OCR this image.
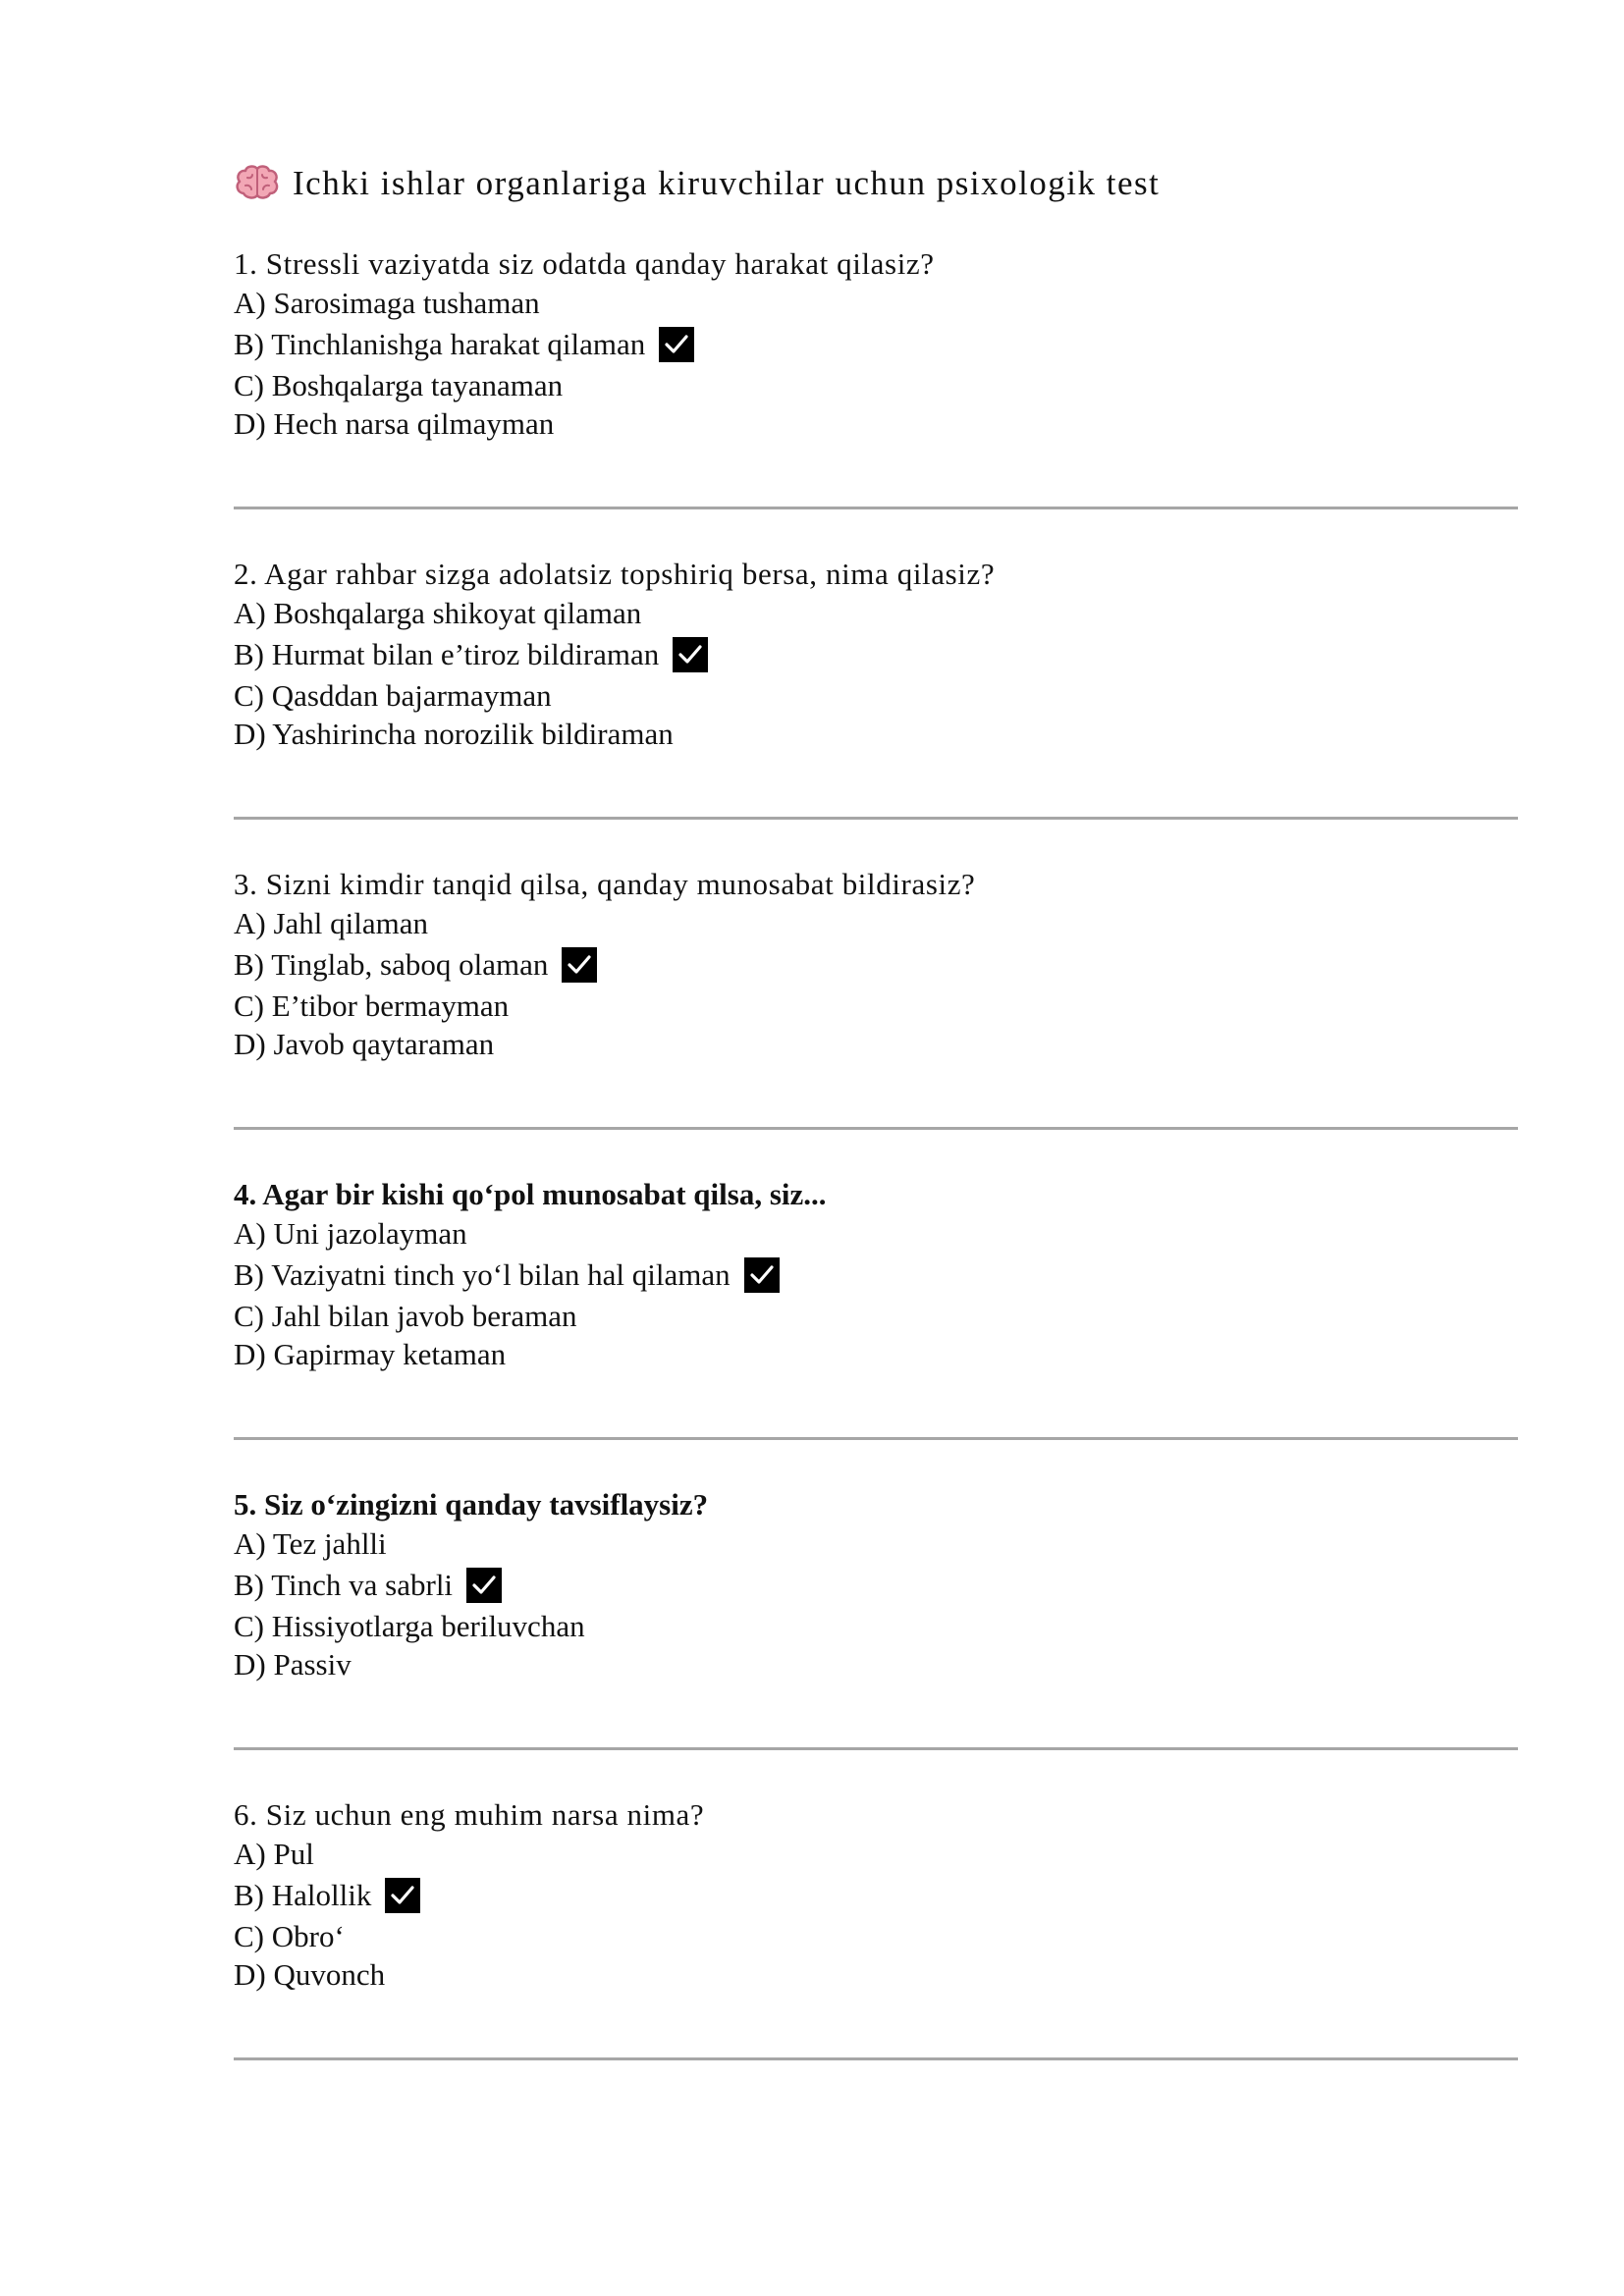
Ichki ishlar organlariga kiruvchilar uchun psixologik test
1. Stressli vaziyatda siz odatda qanday harakat qilasiz?
A) Sarosimaga tushaman
B) Tinchlanishga harakat qilaman
C) Boshqalarga tayanaman
D) Hech narsa qilmayman
2. Agar rahbar sizga adolatsiz topshiriq bersa, nima qilasiz?
A) Boshqalarga shikoyat qilaman
B) Hurmat bilan e’tiroz bildiraman
C) Qasddan bajarmayman
D) Yashirincha norozilik bildiraman
3. Sizni kimdir tanqid qilsa, qanday munosabat bildirasiz?
A) Jahl qilaman
B) Tinglab, saboq olaman
C) E’tibor bermayman
D) Javob qaytaraman
4. Agar bir kishi qo‘pol munosabat qilsa, siz...
A) Uni jazolayman
B) Vaziyatni tinch yo‘l bilan hal qilaman
C) Jahl bilan javob beraman
D) Gapirmay ketaman
5. Siz o‘zingizni qanday tavsiflaysiz?
A) Tez jahlli
B) Tinch va sabrli
C) Hissiyotlarga beriluvchan
D) Passiv
6. Siz uchun eng muhim narsa nima?
A) Pul
B) Halollik
C) Obro‘
D) Quvonch
